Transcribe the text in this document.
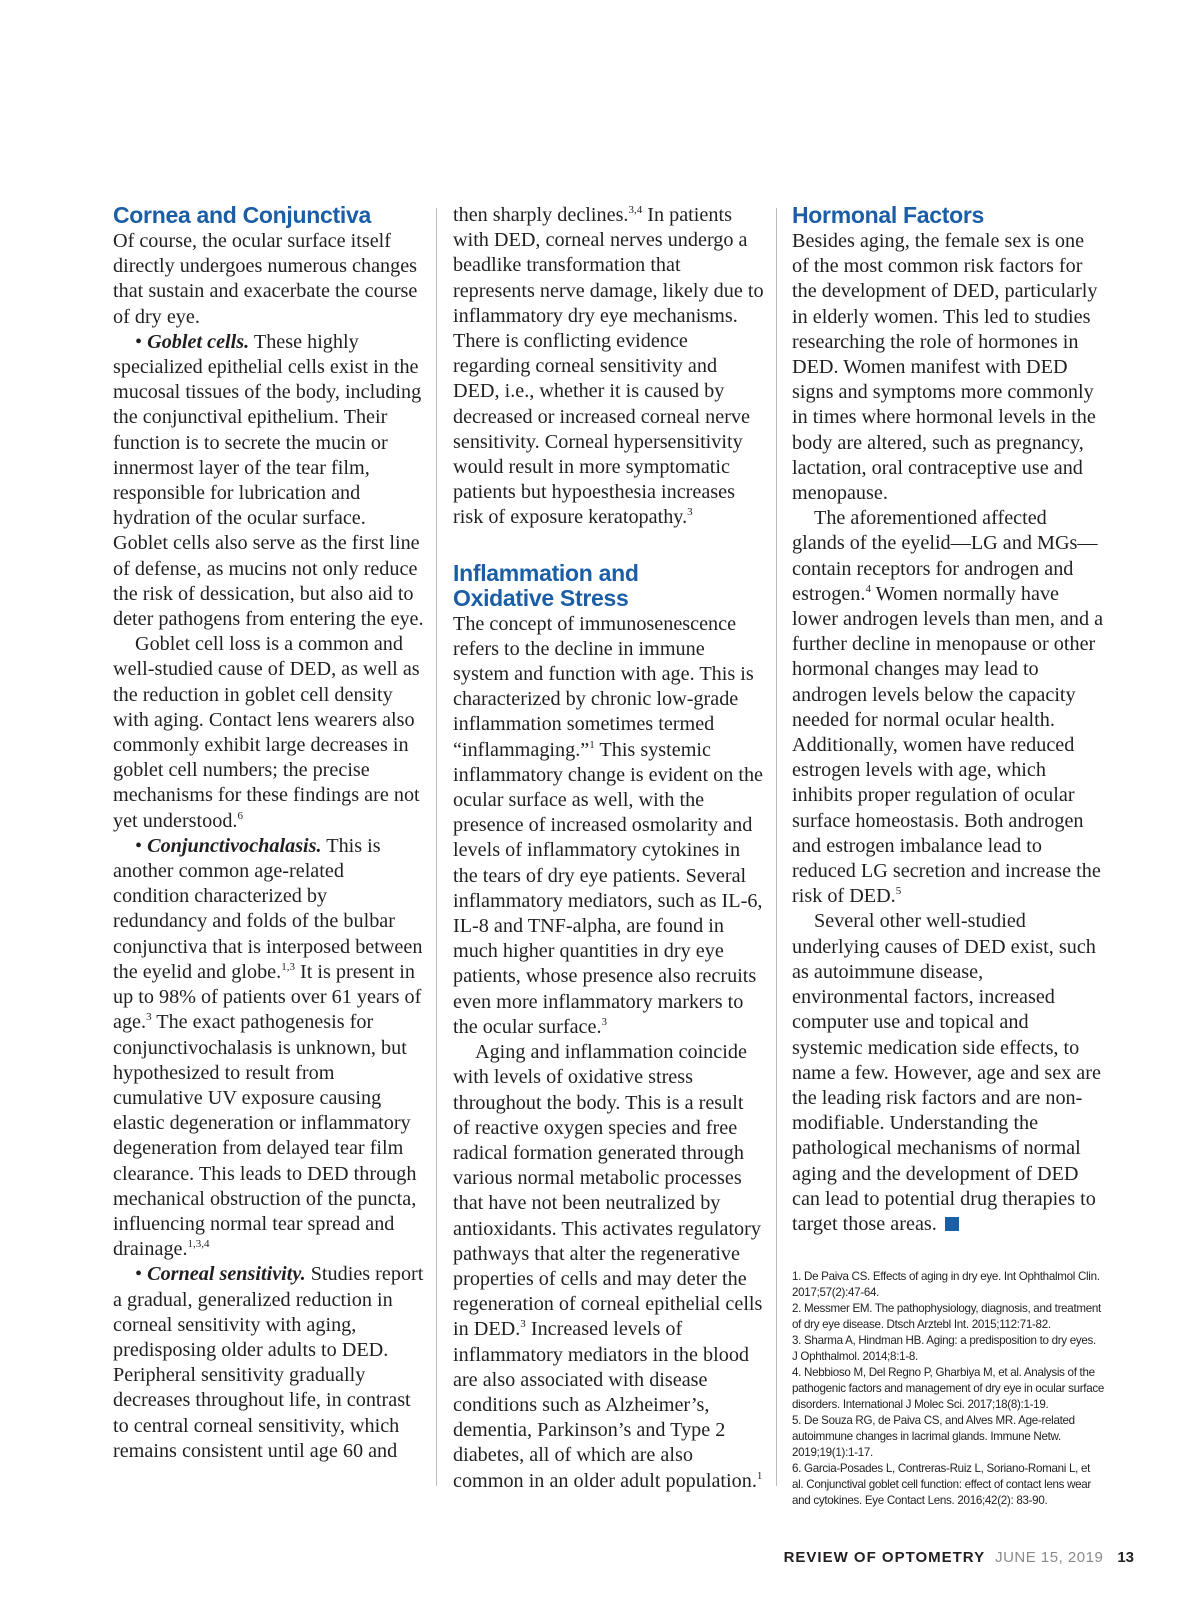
Cornea and Conjunctiva

Of course, the ocular surface itself directly undergoes numerous changes that sustain and exacerbate the course of dry eye.

• Goblet cells. These highly specialized epithelial cells exist in the mucosal tissues of the body, including the conjunctival epithelium. Their function is to secrete the mucin or innermost layer of the tear film, responsible for lubrication and hydration of the ocular surface. Goblet cells also serve as the first line of defense, as mucins not only reduce the risk of dessication, but also aid to deter pathogens from entering the eye.

Goblet cell loss is a common and well-studied cause of DED, as well as the reduction in goblet cell density with aging. Contact lens wearers also commonly exhibit large decreases in goblet cell numbers; the precise mechanisms for these findings are not yet understood.$^6$

• Conjunctivochalasis. This is another common age-related condition characterized by redundancy and folds of the bulbar conjunctiva that is interposed between the eyelid and globe.$^{1,3}$ It is present in up to 98% of patients over 61 years of age.$^3$ The exact pathogenesis for conjunctivochalasis is unknown, but hypothesized to result from cumulative UV exposure causing elastic degeneration or inflammatory degeneration from delayed tear film clearance. This leads to DED through mechanical obstruction of the puncta, influencing normal tear spread and drainage.$^{1,3,4}$

• Corneal sensitivity. Studies report a gradual, generalized reduction in corneal sensitivity with aging, predisposing older adults to DED. Peripheral sensitivity gradually decreases throughout life, in contrast to central corneal sensitivity, which remains consistent until age 60 and

then sharply declines.$^{3,4}$ In patients with DED, corneal nerves undergo a beadlike transformation that represents nerve damage, likely due to inflammatory dry eye mechanisms. There is conflicting evidence regarding corneal sensitivity and DED, i.e., whether it is caused by decreased or increased corneal nerve sensitivity. Corneal hypersensitivity would result in more symptomatic patients but hypoesthesia increases risk of exposure keratopathy.$^3$

Inflammation and
Oxidative Stress

The concept of immunosenescence refers to the decline in immune system and function with age. This is characterized by chronic low-grade inflammation sometimes termed “inflammaging.”$^1$ This systemic inflammatory change is evident on the ocular surface as well, with the presence of increased osmolarity and levels of inflammatory cytokines in the tears of dry eye patients. Several inflammatory mediators, such as IL-6, IL-8 and TNF-alpha, are found in much higher quantities in dry eye patients, whose presence also recruits even more inflammatory markers to the ocular surface.$^3$

Aging and inflammation coincide with levels of oxidative stress throughout the body. This is a result of reactive oxygen species and free radical formation generated through various normal metabolic processes that have not been neutralized by antioxidants. This activates regulatory pathways that alter the regenerative properties of cells and may deter the regeneration of corneal epithelial cells in DED.$^3$ Increased levels of inflammatory mediators in the blood are also associated with disease conditions such as Alzheimer’s, dementia, Parkinson’s and Type 2 diabetes, all of which are also common in an older adult population.$^1$

Hormonal Factors

Besides aging, the female sex is one of the most common risk factors for the development of DED, particularly in elderly women. This led to studies researching the role of hormones in DED. Women manifest with DED signs and symptoms more commonly in times where hormonal levels in the body are altered, such as pregnancy, lactation, oral contraceptive use and menopause.

The aforementioned affected glands of the eyelid—LG and MGs—contain receptors for androgen and estrogen.$^4$ Women normally have lower androgen levels than men, and a further decline in menopause or other hormonal changes may lead to androgen levels below the capacity needed for normal ocular health. Additionally, women have reduced estrogen levels with age, which inhibits proper regulation of ocular surface homeostasis. Both androgen and estrogen imbalance lead to reduced LG secretion and increase the risk of DED.$^5$

Several other well-studied underlying causes of DED exist, such as autoimmune disease, environmental factors, increased computer use and topical and systemic medication side effects, to name a few. However, age and sex are the leading risk factors and are non-modifiable. Understanding the pathological mechanisms of normal aging and the development of DED can lead to potential drug therapies to target those areas.

1. De Paiva CS. Effects of aging in dry eye. Int Ophthalmol Clin. 2017;57(2):47-64.
2. Messmer EM. The pathophysiology, diagnosis, and treatment of dry eye disease. Dtsch Arztebl Int. 2015;112:71-82.
3. Sharma A, Hindman HB. Aging: a predisposition to dry eyes. J Ophthalmol. 2014;8:1-8.
4. Nebbioso M, Del Regno P, Gharbiya M, et al. Analysis of the pathogenic factors and management of dry eye in ocular surface disorders. International J Molec Sci. 2017;18(8):1-19.
5. De Souza RG, de Paiva CS, and Alves MR. Age-related autoimmune changes in lacrimal glands. Immune Netw. 2019;19(1):1-17.
6. Garcia-Posades L, Contreras-Ruiz L, Soriano-Romani L, et al. Conjunctival goblet cell function: effect of contact lens wear and cytokines. Eye Contact Lens. 2016;42(2): 83-90.
REVIEW OF OPTOMETRY JUNE 15, 2019 13
